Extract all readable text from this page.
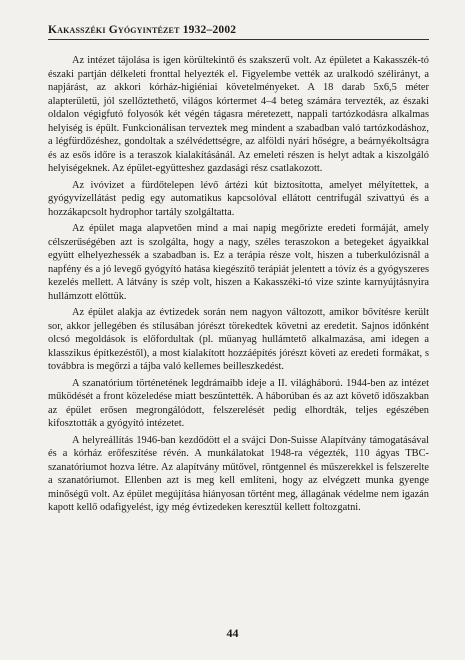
Kakasszéki Gyógyintézet 1932–2002

Az intézet tájolása is igen körültekintő és szakszerű volt. Az épületet a Kakasszék-tó északi partján délkeleti fronttal helyezték el. Figyelembe vették az uralkodó szélirányt, a napjárást, az akkori kórház-higiéniai követelményeket. A 18 darab 5x6,5 méter alapterületű, jól szellőztethető, világos kórtermet 4–4 beteg számára tervezték, az északi oldalon végigfutó folyosók két végén tágasra méretezett, nappali tartózkodásra alkalmas helyiség is épült. Funkcionálisan terveztek meg mindent a szabadban való tartózkodáshoz, a légfürdőzéshez, gondoltak a szélvédettségre, az alföldi nyári hőségre, a beárnyékoltságra és az esős időre is a teraszok kialakításánál. Az emeleti részen is helyt adtak a kiszolgáló helyiségeknek. Az épület-együtteshez gazdasági rész csatlakozott.

Az ivóvizet a fürdőtelepen lévő ártézi kút biztosította, amelyet mélyítettek, a gyógyvízellátást pedig egy automatikus kapcsolóval ellátott centrifugál szivattyú és a hozzákapcsolt hydrophor tartály szolgáltatta.

Az épület maga alapvetően mind a mai napig megőrizte eredeti formáját, amely célszerűségében azt is szolgálta, hogy a nagy, széles teraszokon a betegeket ágyaikkal együtt elhelyezhessék a szabadban is. Ez a terápia része volt, hiszen a tuberkulózisnál a napfény és a jó levegő gyógyító hatása kiegészítő terápiát jelentett a tóvíz és a gyógyszeres kezelés mellett. A látvány is szép volt, hiszen a Kakasszéki-tó vize szinte karnyújtásnyira hullámzott előttük.

Az épület alakja az évtizedek során nem nagyon változott, amikor bővítésre került sor, akkor jellegében és stílusában jórészt törekedtek követni az eredetit. Sajnos időnként olcsó megoldások is előfordultak (pl. műanyag hullámtető alkalmazása, ami idegen a klasszikus építkezéstől), a most kialakított hozzáépítés jórészt követi az eredeti formákat, s továbbra is megőrzi a tájba való kellemes beilleszkedést.

A szanatórium történetének legdrámaibb ideje a II. világháború. 1944-ben az intézet működését a front közeledése miatt beszüntették. A háborúban és az azt követő időszakban az épület erősen megrongálódott, felszerelését pedig elhordták, teljes egészében kifosztották a gyógyító intézetet.

A helyreállítás 1946-ban kezdődött el a svájci Don-Suisse Alapítvány támogatásával és a kórház erőfeszítése révén. A munkálatokat 1948-ra végezték, 110 ágyas TBC-szanatóriumot hozva létre. Az alapítvány műtővel, röntgennel és műszerekkel is felszerelte a szanatóriumot. Ellenben azt is meg kell említeni, hogy az elvégzett munka gyenge minőségű volt. Az épület megújítása hiányosan történt meg, állagának védelme nem igazán kapott kellő odafigyelést, így még évtizedeken keresztül kellett foltozgatni.

44
